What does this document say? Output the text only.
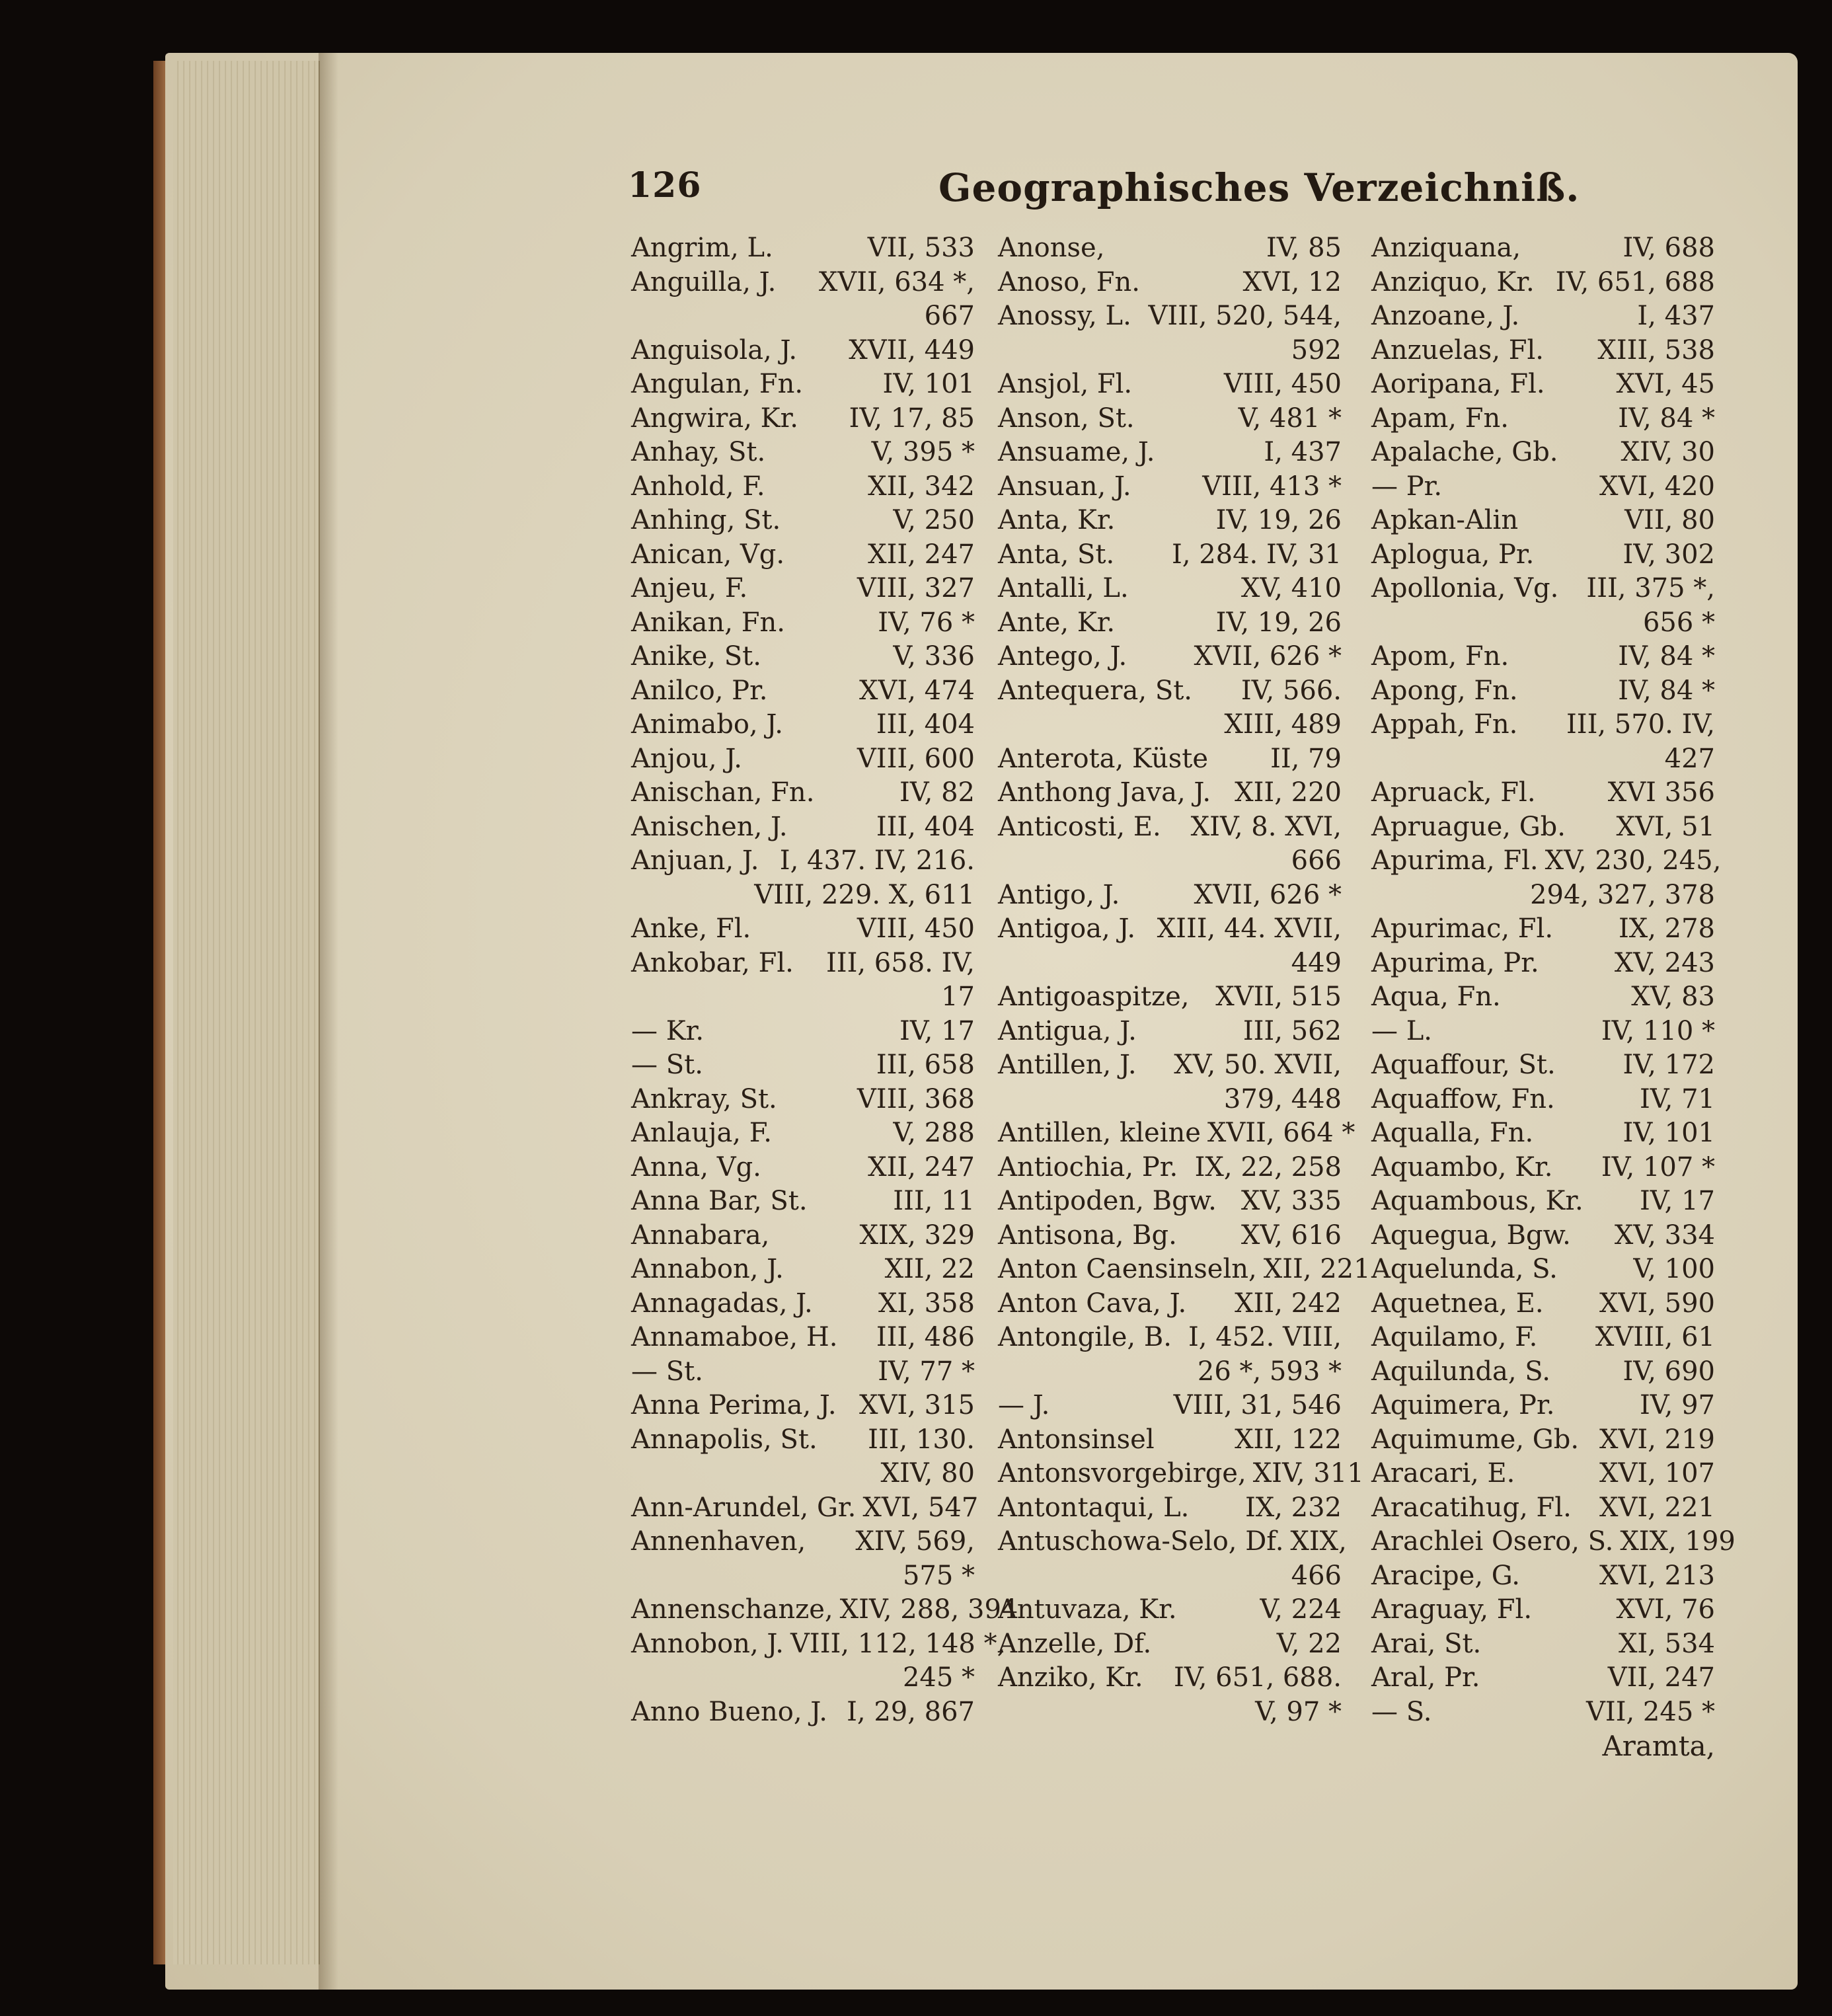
126	Geographisches Verzeichniß.
Angrim, L.	VII, 533
Anguilla, J. XVII, 634 *,
667
Anguisola, J. XVII, 449
Angulan, Fn.	IV, 101
Angwira, Kr. IV, 17, 85
Anhay, St.	V, 395 *
Anhold, F.	XII, 342
Anhing, St.	V, 250
Anican, Vg.	XII, 247
Anjeu, F.	VIII, 327
Anikan, Fn.	IV, 76 *
Anike, St.	V, 336
Anilco, Pr.	XVI, 474
Animabo, J.	III, 404
Anjou, J.	VIII, 600
Anischan, Fn.	IV, 82
Anischen, J.	III, 404
Anjuan, J. I, 437. IV, 216.
VIII, 229. X, 611
Anke, Fl.	VIII, 450
Ankobar, Fl. III, 658. IV,
17
— Kr.	IV, 17
— St.	III, 658
Ankray, St.	VIII, 368
Anlauja, F.	V, 288
Anna, Vg.	XII, 247
Anna Bar, St.	III, 11
Annabara,	XIX, 329
Annabon, J.	XII, 22
Annagadas, J. XI, 358
Annamaboe, H. III, 486
— St.	IV, 77 *
Anna Perima, J. XVI, 315
Annapolis, St. III, 130.
XIV, 80
Ann-Arundel, Gr. XVI, 547
Annenhaven, XIV, 569,
575 *
Annenschanze, XIV, 288, 394
Annobon, J. VIII, 112, 148 *,
245 *
Anno Bueno, J. I, 29, 867
Anonse,	IV, 85
Anoso, Fn.	XVI, 12
Anossy, L. VIII, 520, 544,
592
Ansjol, Fl.	VIII, 450
Anson, St.	V, 481 *
Ansuame, J.	I, 437
Ansuan, J.	VIII, 413 *
Anta, Kr.	IV, 19, 26
Anta, St. I, 284. IV, 31
Antalli, L.	XV, 410
Ante, Kr.	IV, 19, 26
Antego, J.	XVII, 626 *
Antequera, St. IV, 566.
XIII, 489
Anterota, Küste II, 79
Anthong Java, J. XII, 220
Anticosti, E. XIV, 8. XVI,
666
Antigo, J.	XVII, 626 *
Antigoa, J. XIII, 44. XVII,
449
Antigoaspitze, XVII, 515
Antigua, J.	III, 562
Antillen, J. XV, 50. XVII,
379, 448
Antillen, kleine XVII, 664 *
Antiochia, Pr. IX, 22, 258
Antipoden, Bgw. XV, 335
Antisona, Bg. XV, 616
Anton Caensinseln, XII, 221
Anton Cava, J. XII, 242
Antongile, B. I, 452. VIII,
26 *, 593 *
— J.	VIII, 31, 546
Antonsinsel	XII, 122
Antonsvorgebirge, XIV, 311
Antontaqui, L. IX, 232
Antuschowa-Selo, Df. XIX,
466
Antuvaza, Kr.	V, 224
Anzelle, Df.	V, 22
Anziko, Kr. IV, 651, 688.
V, 97 *
Anziquana,	IV, 688
Anziquo, Kr. IV, 651, 688
Anzoane, J.	I, 437
Anzuelas, Fl. XIII, 538
Aoripana, Fl.	XVI, 45
Apam, Fn.	IV, 84 *
Apalache, Gb. XIV, 30
— Pr.	XVI, 420
Apkan-Alin	VII, 80
Aplogua, Pr.	IV, 302
Apollonia, Vg. III, 375 *,
656 *
Apom, Fn.	IV, 84 *
Apong, Fn.	IV, 84 *
Appah, Fn. III, 570. IV,
427
Apruack, Fl.	XVI 356
Apruague, Gb. XVI, 51
Apurima, Fl. XV, 230, 245,
294, 327, 378
Apurimac, Fl. IX, 278
Apurima, Pr.	XV, 243
Aqua, Fn.	XV, 83
— L.	IV, 110 *
Aquaffour, St.	IV, 172
Aquaffow, Fn.	IV, 71
Aqualla, Fn.	IV, 101
Aquambo, Kr. IV, 107 *
Aquambous, Kr. IV, 17
Aquegua, Bgw. XV, 334
Aquelunda, S.	V, 100
Aquetnea, E. XVI, 590
Aquilamo, F. XVIII, 61
Aquilunda, S.	IV, 690
Aquimera, Pr.	IV, 97
Aquimume, Gb. XVI, 219
Aracari, E.	XVI, 107
Aracatihug, Fl. XVI, 221
Arachlei Osero, S. XIX, 199
Aracipe, G.	XVI, 213
Araguay, Fl.	XVI, 76
Arai, St.	XI, 534
Aral, Pr.	VII, 247
— S.	VII, 245 *
Aramta,
